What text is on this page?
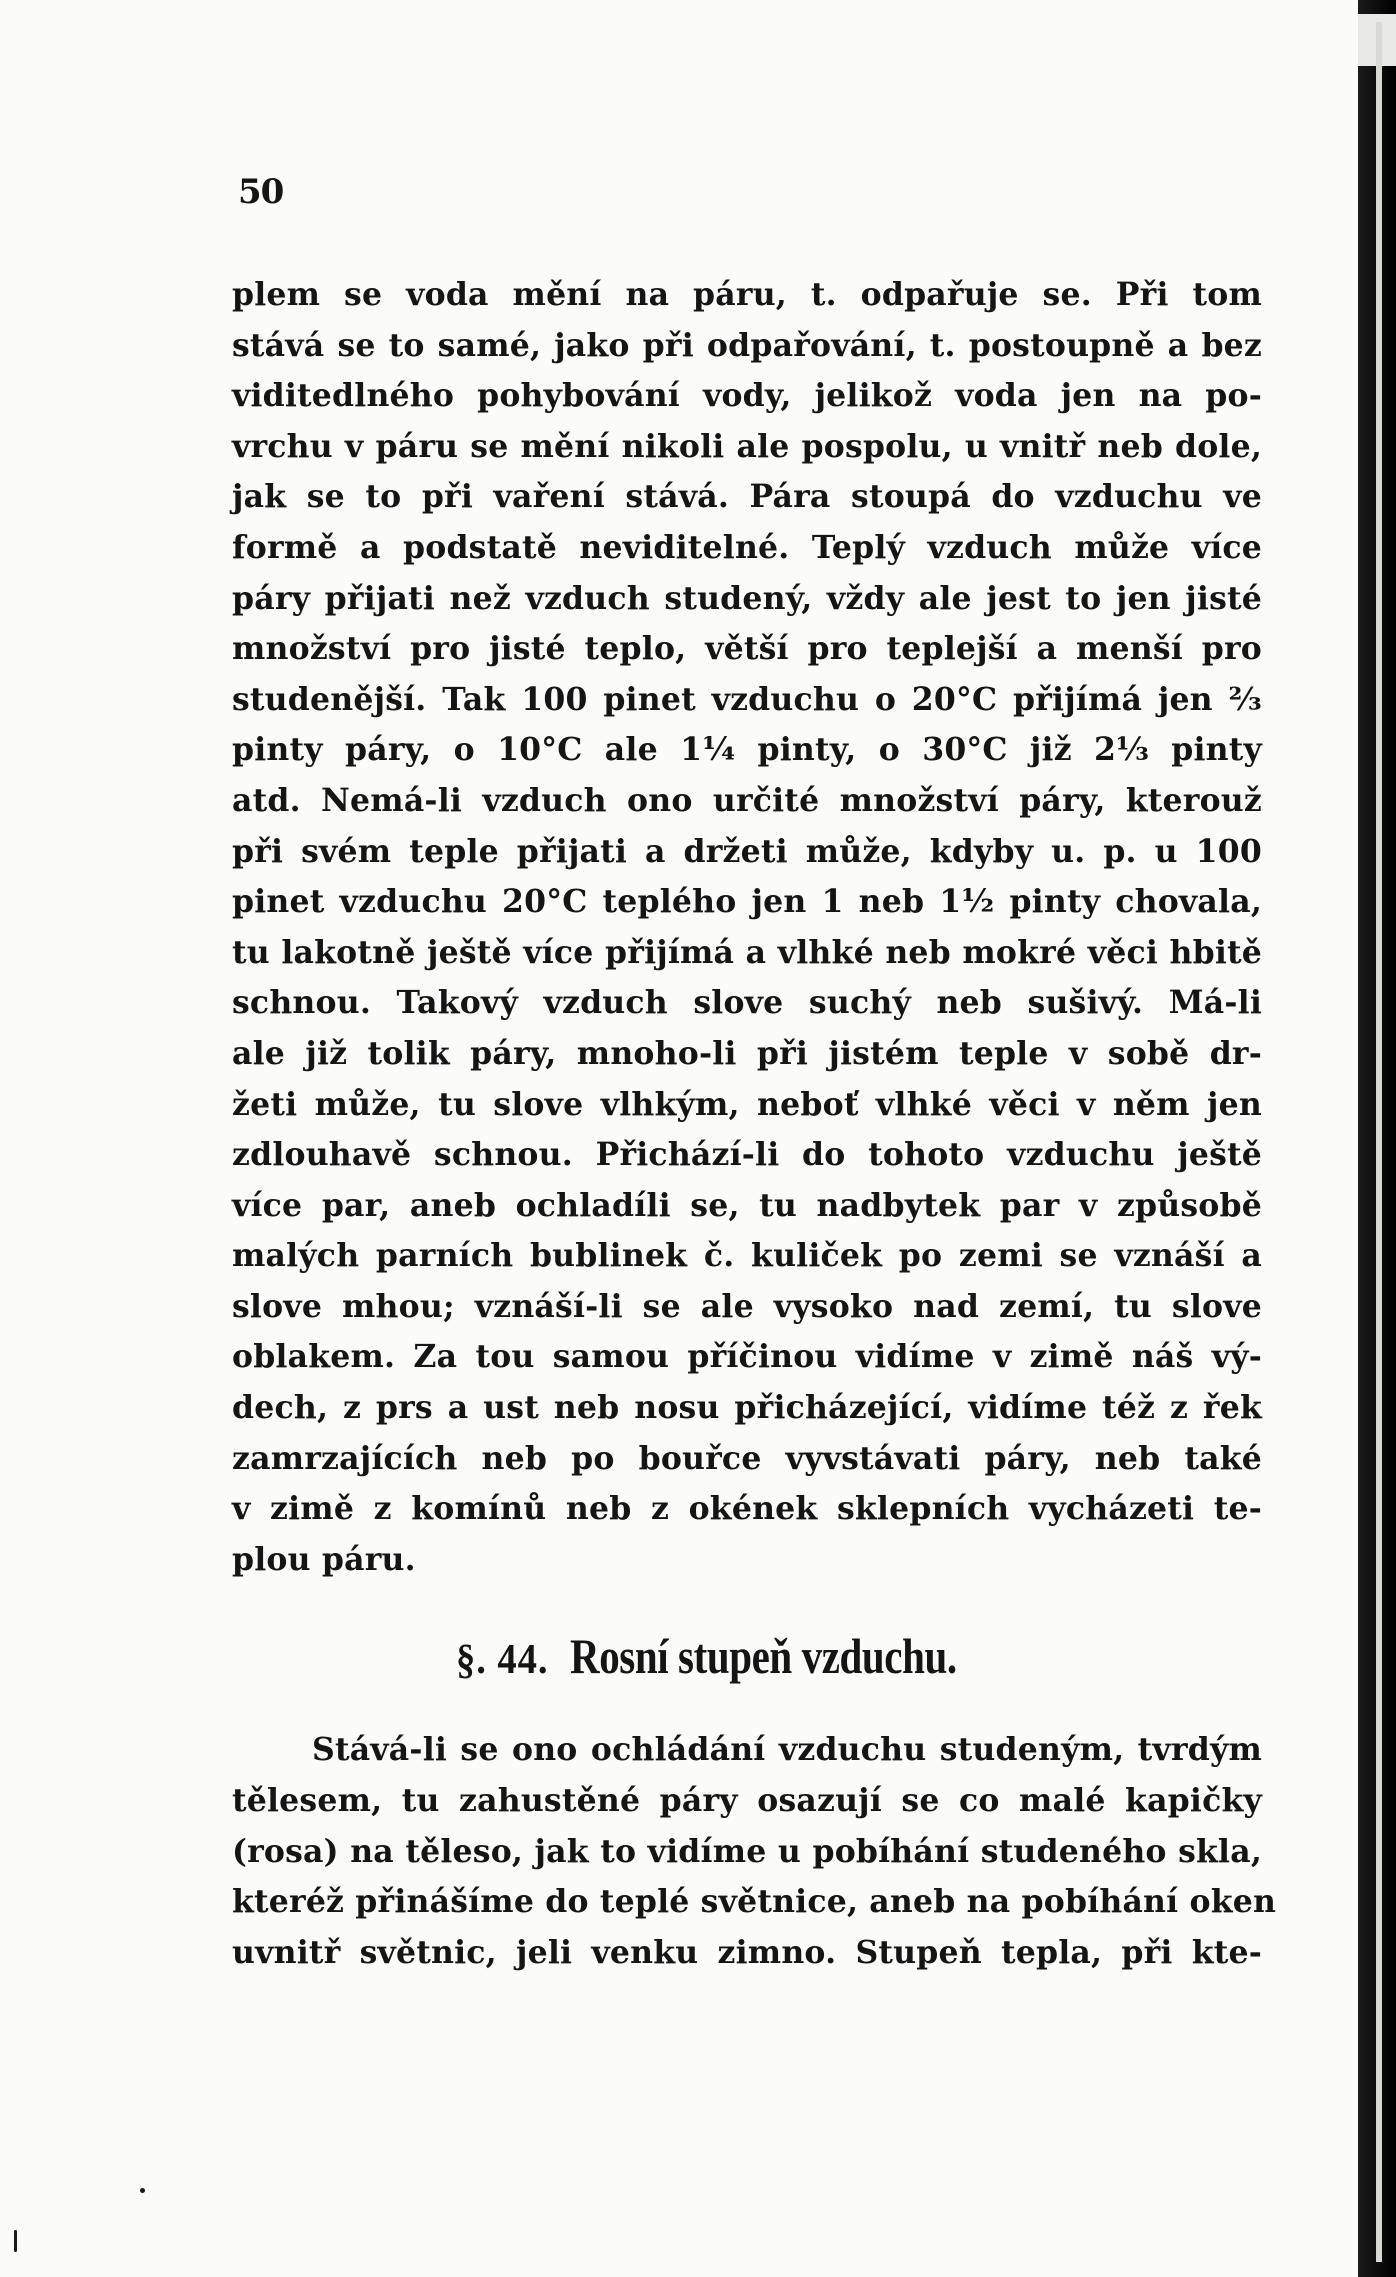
50
plem se voda mění na páru, t. odpařuje se. Při tom
stává se to samé, jako při odpařování, t. postoupně a bez
viditedlného pohybování vody, jelikož voda jen na po-
vrchu v páru se mění nikoli ale pospolu, u vnitř neb dole,
jak se to při vaření stává. Pára stoupá do vzduchu ve
formě a podstatě neviditelné. Teplý vzduch může více
páry přijati než vzduch studený, vždy ale jest to jen jisté
množství pro jisté teplo, větší pro teplejší a menší pro
studenější. Tak 100 pinet vzduchu o 20°C přijímá jen ²⁄₃
pinty páry, o 10°C ale 1¼ pinty, o 30°C již 2⅓ pinty
atd. Nemá-li vzduch ono určité množství páry, kterouž
při svém teple přijati a držeti může, kdyby u. p. u 100
pinet vzduchu 20°C teplého jen 1 neb 1½ pinty chovala,
tu lakotně ještě více přijímá a vlhké neb mokré věci hbitě
schnou. Takový vzduch slove suchý neb sušivý. Má-li
ale již tolik páry, mnoho-li při jistém teple v sobě dr-
žeti může, tu slove vlhkým, neboť vlhké věci v něm jen
zdlouhavě schnou. Přichází-li do tohoto vzduchu ještě
více par, aneb ochladíli se, tu nadbytek par v způsobě
malých parních bublinek č. kuliček po zemi se vznáší a
slove mhou; vznáší-li se ale vysoko nad zemí, tu slove
oblakem. Za tou samou příčinou vidíme v zimě náš vý-
dech, z prs a ust neb nosu přicházející, vidíme též z řek
zamrzajících neb po bouřce vyvstávati páry, neb také
v zimě z komínů neb z okének sklepních vycházeti te-
plou páru.
§. 44. Rosní stupeň vzduchu.
Stává-li se ono ochládání vzduchu studeným, tvrdým
tělesem, tu zahustěné páry osazují se co malé kapičky
(rosa) na těleso, jak to vidíme u pobíhání studeného skla,
kteréž přinášíme do teplé světnice, aneb na pobíhání oken
uvnitř světnic, jeli venku zimno. Stupeň tepla, při kte-
